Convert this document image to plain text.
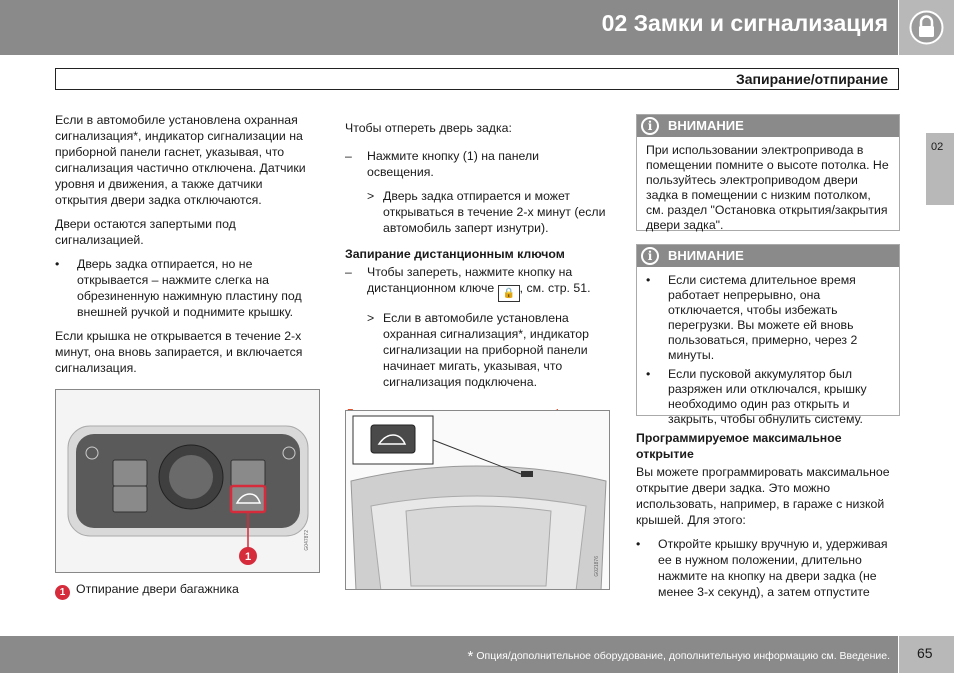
02 Замки и сигнализация
Запирание/отпирание
02

Если в автомобиле установлена охранная сигнализация*, индикатор сигнализации на приборной панели гаснет, указывая, что сигнализация частично отключена. Датчики уровня и движения, а также датчики открытия двери задка отключаются.

Двери остаются запертыми под сигнализацией.

• Дверь задка отпирается, но не открывается – нажмите слегка на обрезиненную нажимную пластину под внешней ручкой и поднимите крышку.

Если крышка не открывается в течение 2-х минут, она вновь запирается, и включается сигнализация.

1
G047872
1 Отпирание двери багажника

Чтобы отпереть дверь задка:

– Нажмите кнопку (1) на панели освещения.
> Дверь задка отпирается и может открываться в течение 2-х минут (если автомобиль заперт изнутри).
Запирание дистанционным ключом
– Чтобы запереть, нажмите кнопку на дистанционном ключе 🔒 , см. стр. 51.
> Если в автомобиле установлена охранная сигнализация*, индикатор сигнализации на приборной панели начинает мигать, указывая, что сигнализация подключена.
G021876
i	ВНИМАНИЕ
При использовании электропривода в помещении помните о высоте потолка. Не пользуйтесь электроприводом двери задка в помещении с низким потолком, см. раздел "Остановка открытия/закрытия двери задка".
i	ВНИМАНИЕ
• Если система длительное время работает непрерывно, она отключается, чтобы избежать перегрузки. Вы можете ей вновь пользоваться, примерно, через 2 минуты.
• Если пусковой аккумулятор был разряжен или отключался, крышку необходимо один раз открыть и закрыть, чтобы обнулить систему.
Программируемое максимальное открытие

Вы можете программировать максимальное открытие двери задка. Это можно использовать, например, в гараже с низкой крышей. Для этого:

• Откройте крышку вручную и, удерживая ее в нужном положении, длительно нажмите на кнопку на двери задка (не менее 3-х секунд), а затем отпустите
* Опция/дополнительное оборудование, дополнительную информацию см. Введение. 65
